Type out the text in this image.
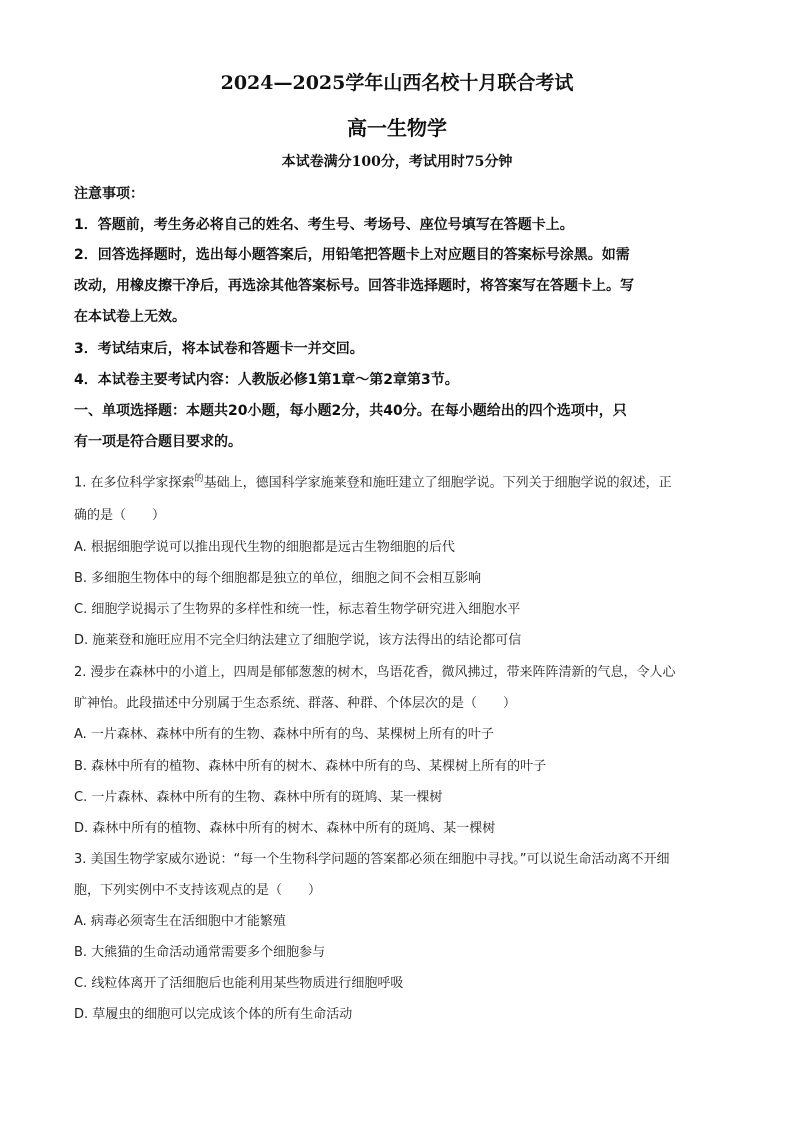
2024—2025学年山西名校十月联合考试
高一生物学
本试卷满分100分，考试用时75分钟
注意事项：
1．答题前，考生务必将自己的姓名、考生号、考场号、座位号填写在答题卡上。
2．回答选择题时，选出每小题答案后，用铅笔把答题卡上对应题目的答案标号涂黑。如需
改动，用橡皮擦干净后，再选涂其他答案标号。回答非选择题时，将答案写在答题卡上。写
在本试卷上无效。
3．考试结束后，将本试卷和答题卡一并交回。
4．本试卷主要考试内容：人教版必修1第1章～第2章第3节。
一、单项选择题：本题共20小题，每小题2分，共40分。在每小题给出的四个选项中，只
有一项是符合题目要求的。
1. 在多位科学家探索$^的$基础上，德国科学家施莱登和施旺建立了细胞学说。下列关于细胞学说的叙述，正
确的是（　　）
A. 根据细胞学说可以推出现代生物的细胞都是远古生物细胞的后代
B. 多细胞生物体中的每个细胞都是独立的单位，细胞之间不会相互影响
C. 细胞学说揭示了生物界的多样性和统一性，标志着生物学研究进入细胞水平
D. 施莱登和施旺应用不完全归纳法建立了细胞学说，该方法得出的结论都可信
2. 漫步在森林中的小道上，四周是郁郁葱葱的树木，鸟语花香，微风拂过，带来阵阵清新的气息，令人心
旷神怡。此段描述中分别属于生态系统、群落、种群、个体层次的是（　　）
A. 一片森林、森林中所有的生物、森林中所有的鸟、某棵树上所有的叶子
B. 森林中所有的植物、森林中所有的树木、森林中所有的鸟、某棵树上所有的叶子
C. 一片森林、森林中所有的生物、森林中所有的斑鸠、某一棵树
D. 森林中所有的植物、森林中所有的树木、森林中所有的斑鸠、某一棵树
3. 美国生物学家威尔逊说：“每一个生物科学问题的答案都必须在细胞中寻找。”可以说生命活动离不开细
胞，下列实例中不支持该观点的是（　　）
A. 病毒必须寄生在活细胞中才能繁殖
B. 大熊猫的生命活动通常需要多个细胞参与
C. 线粒体离开了活细胞后也能利用某些物质进行细胞呼吸
D. 草履虫的细胞可以完成该个体的所有生命活动
